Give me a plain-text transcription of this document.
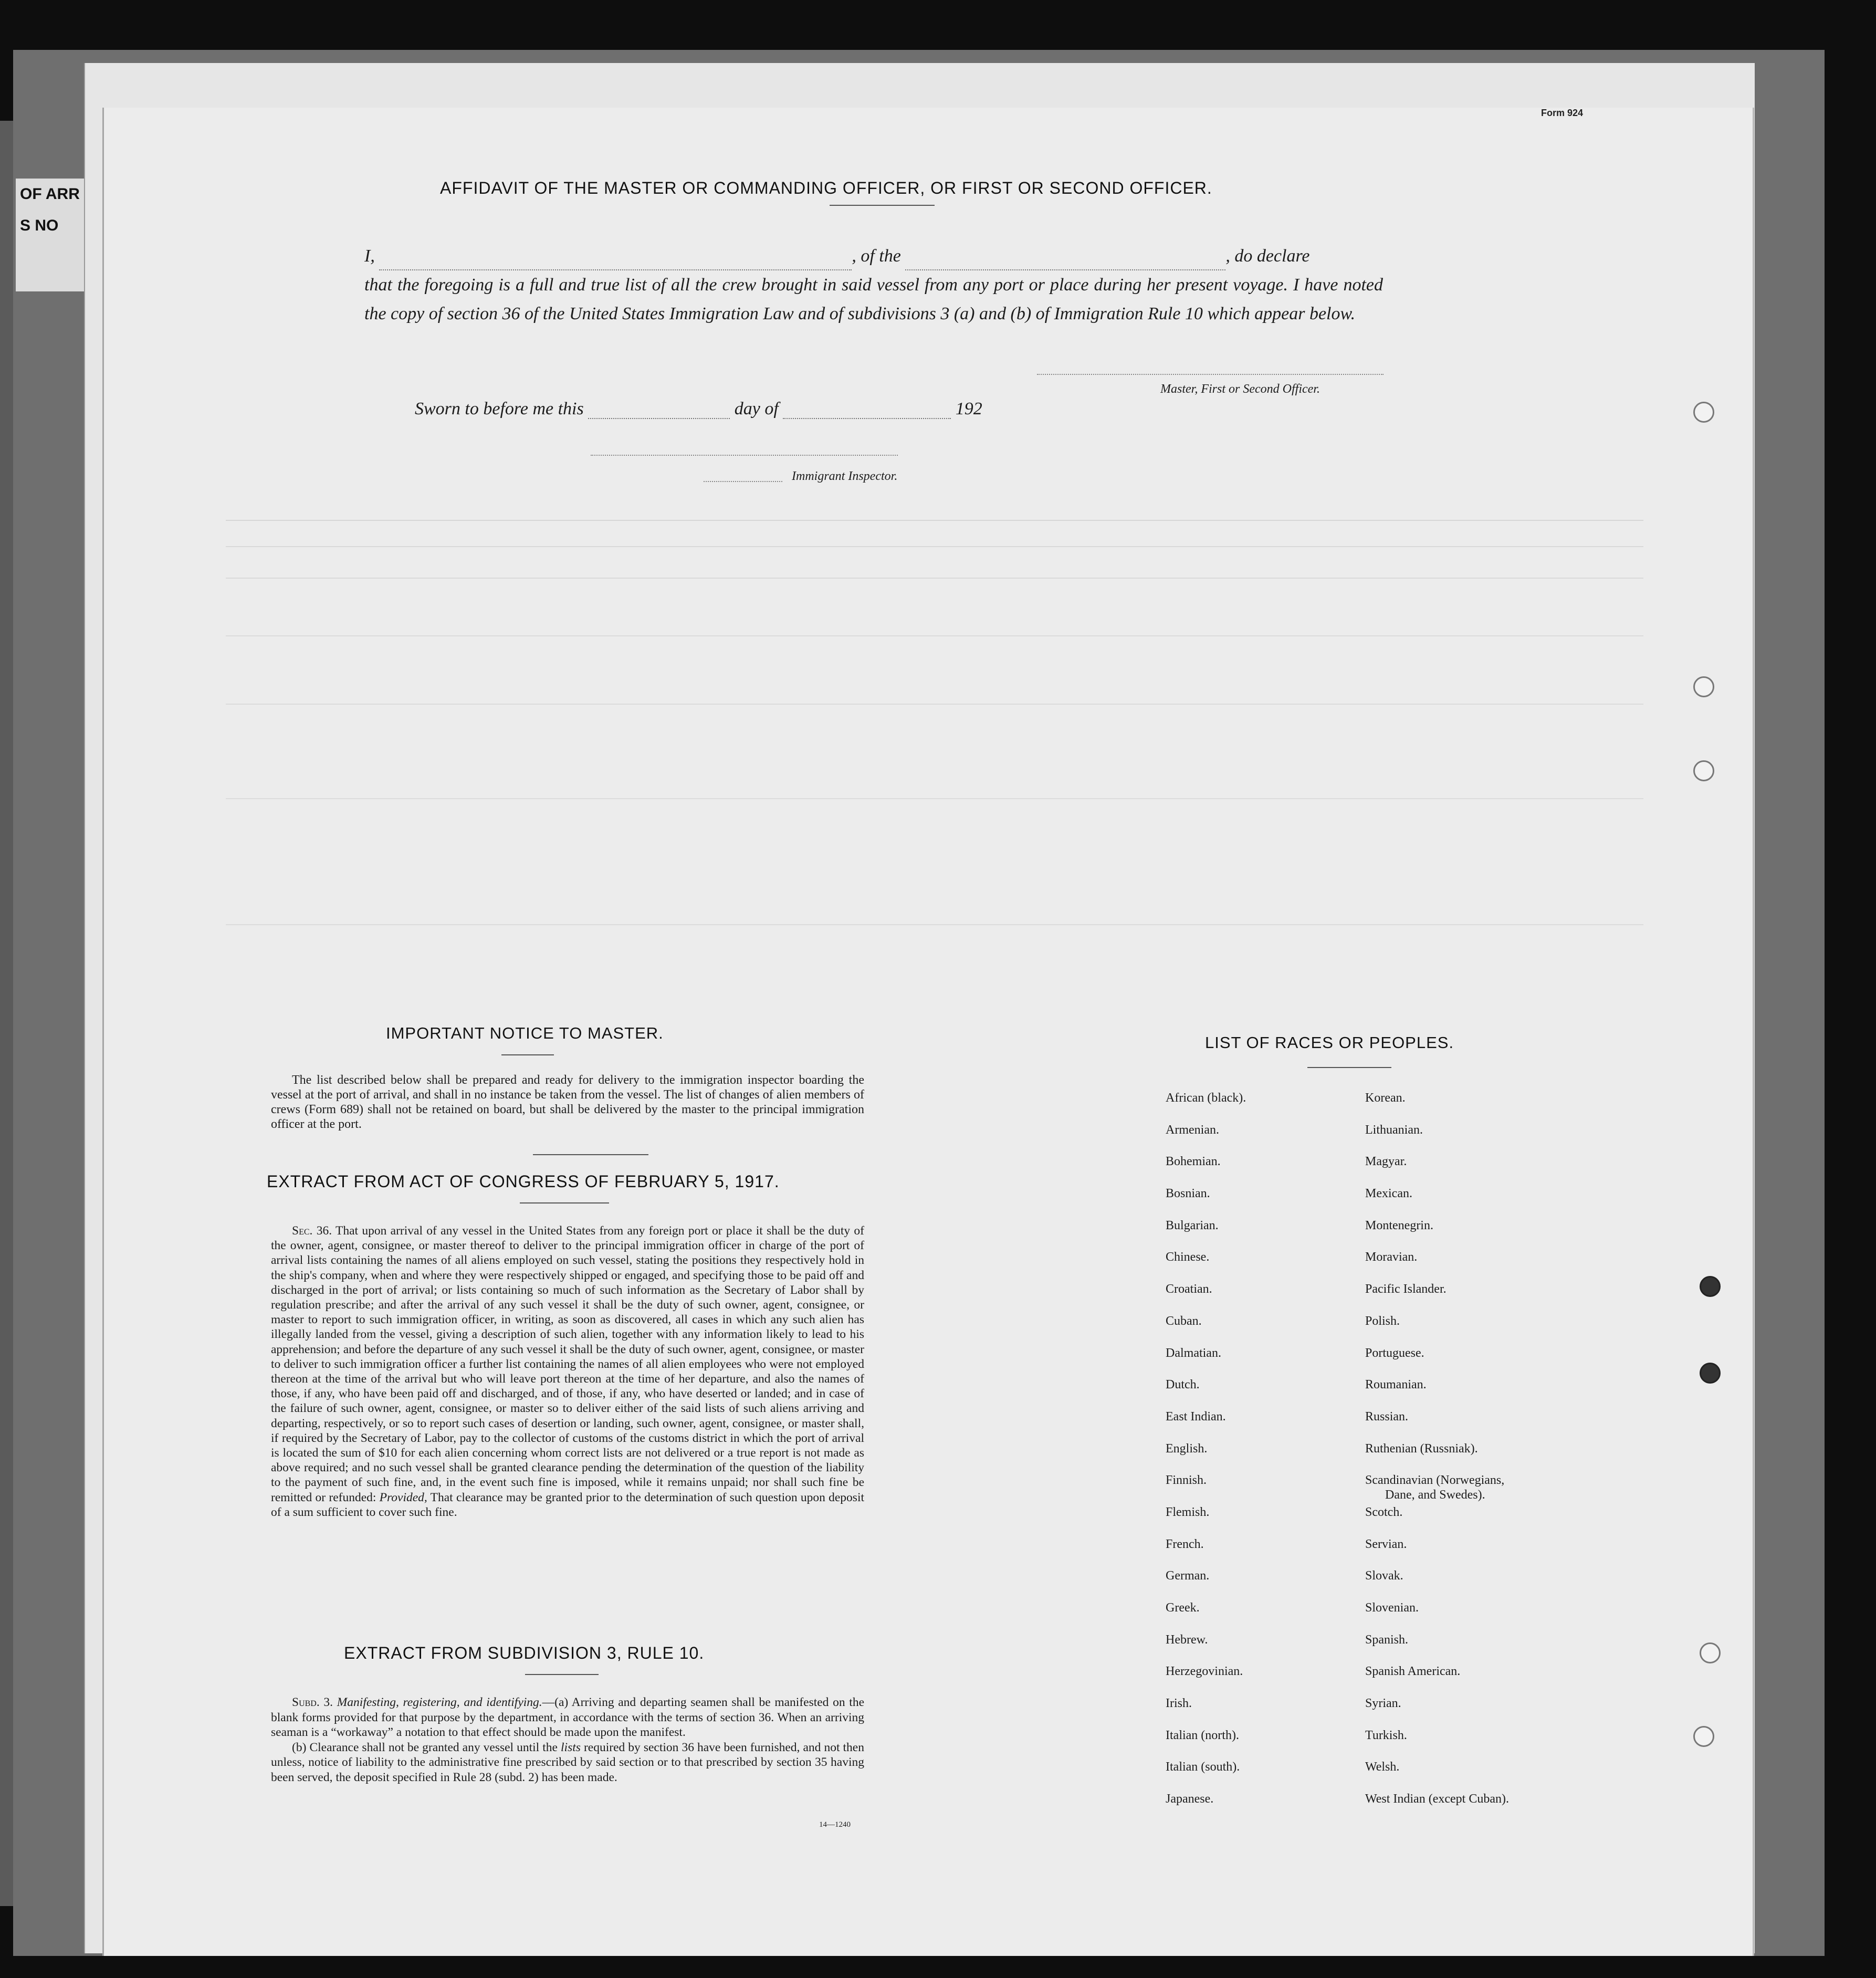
OF ARR
S NO
Form 924
AFFIDAVIT OF THE MASTER OR COMMANDING OFFICER, OR FIRST OR SECOND OFFICER.
I,	, of the	, do declare
that the foregoing is a full and true list of all the crew brought in said vessel from any port or place during her present voyage. I have noted the copy of section 36 of the United States Immigration Law and of subdivisions 3 (a) and (b) of Immigration Rule 10 which appear below.
Master, First or Second Officer.
Sworn to before me this	day of	192
Immigrant Inspector.
IMPORTANT NOTICE TO MASTER.
The list described below shall be prepared and ready for delivery to the immigration inspector boarding the vessel at the port of arrival, and shall in no instance be taken from the vessel. The list of changes of alien members of crews (Form 689) shall not be retained on board, but shall be delivered by the master to the principal immigration officer at the port.
EXTRACT FROM ACT OF CONGRESS OF FEBRUARY 5, 1917.
Sec. 36. That upon arrival of any vessel in the United States from any foreign port or place it shall be the duty of the owner, agent, consignee, or master thereof to deliver to the principal immigration officer in charge of the port of arrival lists containing the names of all aliens employed on such vessel, stating the positions they respectively hold in the ship's company, when and where they were respectively shipped or engaged, and specifying those to be paid off and discharged in the port of arrival; or lists containing so much of such information as the Secretary of Labor shall by regulation prescribe; and after the arrival of any such vessel it shall be the duty of such owner, agent, consignee, or master to report to such immigration officer, in writing, as soon as discovered, all cases in which any such alien has illegally landed from the vessel, giving a description of such alien, together with any information likely to lead to his apprehension; and before the departure of any such vessel it shall be the duty of such owner, agent, consignee, or master to deliver to such immigration officer a further list containing the names of all alien employees who were not employed thereon at the time of the arrival but who will leave port thereon at the time of her departure, and also the names of those, if any, who have been paid off and discharged, and of those, if any, who have deserted or landed; and in case of the failure of such owner, agent, consignee, or master so to deliver either of the said lists of such aliens arriving and departing, respectively, or so to report such cases of desertion or landing, such owner, agent, consignee, or master shall, if required by the Secretary of Labor, pay to the collector of customs of the customs district in which the port of arrival is located the sum of $10 for each alien concerning whom correct lists are not delivered or a true report is not made as above required; and no such vessel shall be granted clearance pending the determination of the question of the liability to the payment of such fine, and, in the event such fine is imposed, while it remains unpaid; nor shall such fine be remitted or refunded: Provided, That clearance may be granted prior to the determination of such question upon deposit of a sum sufficient to cover such fine.
EXTRACT FROM SUBDIVISION 3, RULE 10.
Subd. 3. Manifesting, registering, and identifying.—(a) Arriving and departing seamen shall be manifested on the blank forms provided for that purpose by the department, in accordance with the terms of section 36. When an arriving seaman is a “workaway” a notation to that effect should be made upon the manifest.
(b) Clearance shall not be granted any vessel until the lists required by section 36 have been furnished, and not then unless, notice of liability to the administrative fine prescribed by said section or to that prescribed by section 35 having been served, the deposit specified in Rule 28 (subd. 2) has been made.
14—1240
LIST OF RACES OR PEOPLES.
African (black).
Armenian.
Bohemian.
Bosnian.
Bulgarian.
Chinese.
Croatian.
Cuban.
Dalmatian.
Dutch.
East Indian.
English.
Finnish.
Flemish.
French.
German.
Greek.
Hebrew.
Herzegovinian.
Irish.
Italian (north).
Italian (south).
Japanese.
Korean.
Lithuanian.
Magyar.
Mexican.
Montenegrin.
Moravian.
Pacific Islander.
Polish.
Portuguese.
Roumanian.
Russian.
Ruthenian (Russniak).
Scandinavian (Norwegians,
Dane, and Swedes).
Scotch.
Servian.
Slovak.
Slovenian.
Spanish.
Spanish American.
Syrian.
Turkish.
Welsh.
West Indian (except Cuban).
